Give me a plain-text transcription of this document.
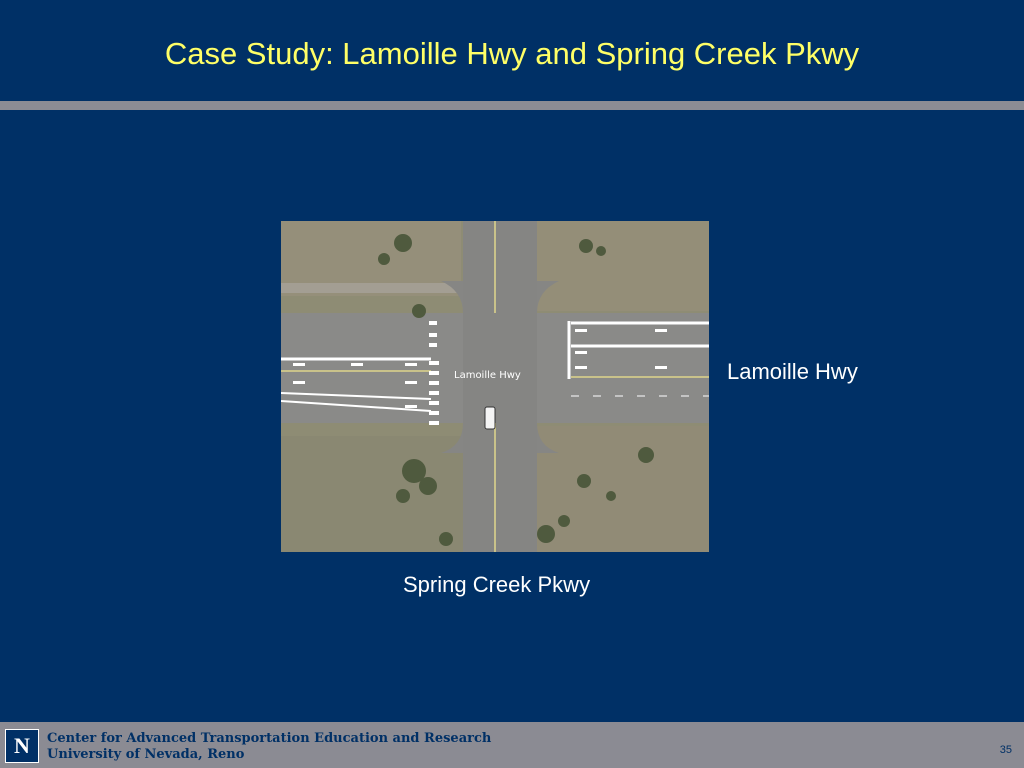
Case Study: Lamoille Hwy and Spring Creek Pkwy
Lamoille Hwy	Lamoille Hwy
Spring Creek Pkwy
N	Center for Advanced Transportation Education and Research
University of Nevada, Reno	35
